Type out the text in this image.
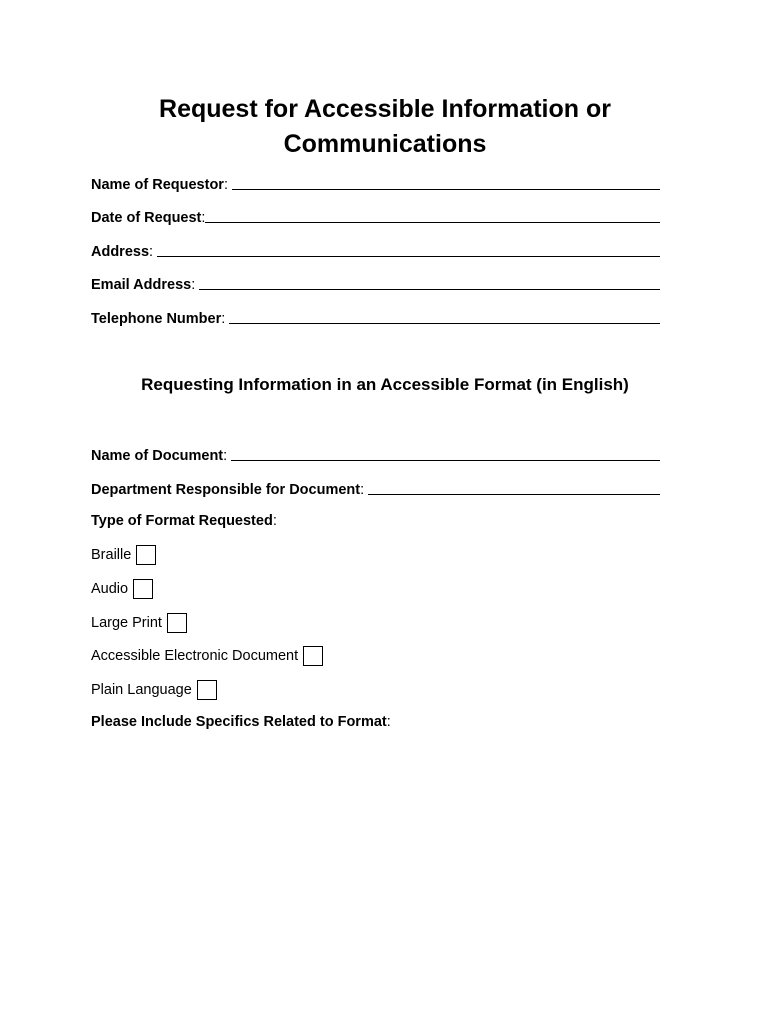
Request for Accessible Information or
Communications
Name of Requestor :
Date of Request :
Address :
Email Address :
Telephone Number :
Requesting Information in an Accessible Format (in English)
Name of Document :
Department Responsible for Document :
Type of Format Requested:
Braille
Audio
Large Print
Accessible Electronic Document
Plain Language
Please Include Specifics Related to Format:
